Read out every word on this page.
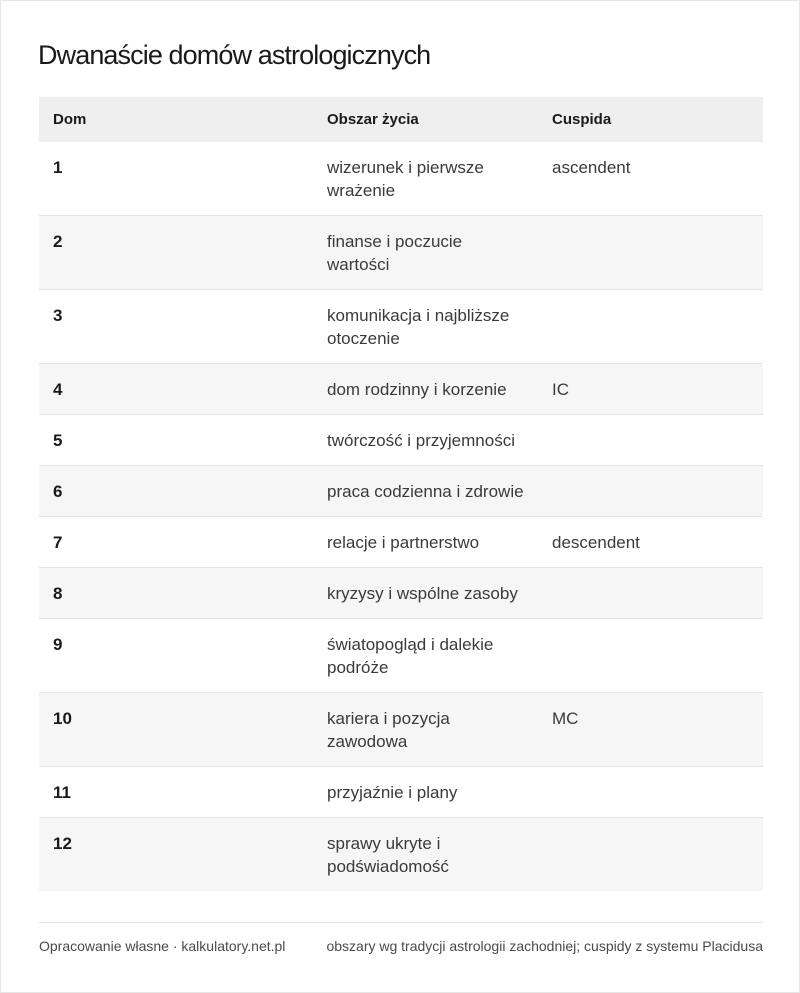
Dwanaście domów astrologicznych
Dom	Obszar życia	Cuspida
1	wizerunek i pierwsze wrażenie	ascendent
2	finanse i poczucie wartości	
3	komunikacja i najbliższe otoczenie	
4	dom rodzinny i korzenie	IC
5	twórczość i przyjemności	
6	praca codzienna i zdrowie	
7	relacje i partnerstwo	descendent
8	kryzysy i wspólne zasoby	
9	światopogląd i dalekie podróże	
10	kariera i pozycja zawodowa	MC
11	przyjaźnie i plany	
12	sprawy ukryte i podświadomość	
Opracowanie własne · kalkulatory.net.pl	obszary wg tradycji astrologii zachodniej; cuspidy z systemu Placidusa
